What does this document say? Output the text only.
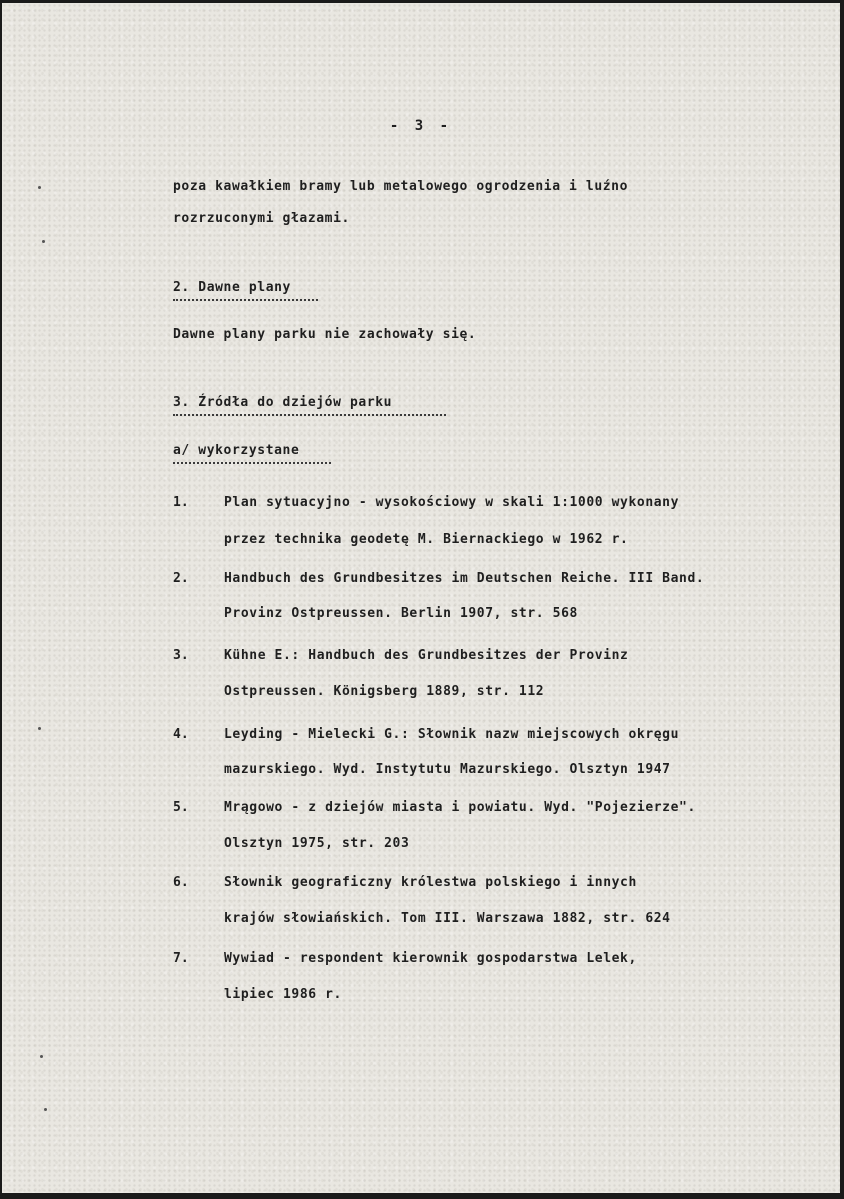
- 3 -
poza kawałkiem bramy lub metalowego ogrodzenia i luźno
rozrzuconymi głazami.
2. Dawne plany
Dawne plany parku nie zachowały się.
3. Źródła do dziejów parku
a/ wykorzystane
1.	Plan sytuacyjno - wysokościowy w skali 1:1000 wykonany
przez technika geodetę M. Biernackiego w 1962 r.
2.	Handbuch des Grundbesitzes im Deutschen Reiche. III Band.
Provinz Ostpreussen. Berlin 1907, str. 568
3.	Kühne E.: Handbuch des Grundbesitzes der Provinz
Ostpreussen. Königsberg 1889, str. 112
4.	Leyding - Mielecki G.: Słownik nazw miejscowych okręgu
mazurskiego. Wyd. Instytutu Mazurskiego. Olsztyn 1947
5.	Mrągowo - z dziejów miasta i powiatu. Wyd. "Pojezierze".
Olsztyn 1975, str. 203
6.	Słownik geograficzny królestwa polskiego i innych
krajów słowiańskich. Tom III. Warszawa 1882, str. 624
7.	Wywiad - respondent kierownik gospodarstwa Lelek,
lipiec 1986 r.
